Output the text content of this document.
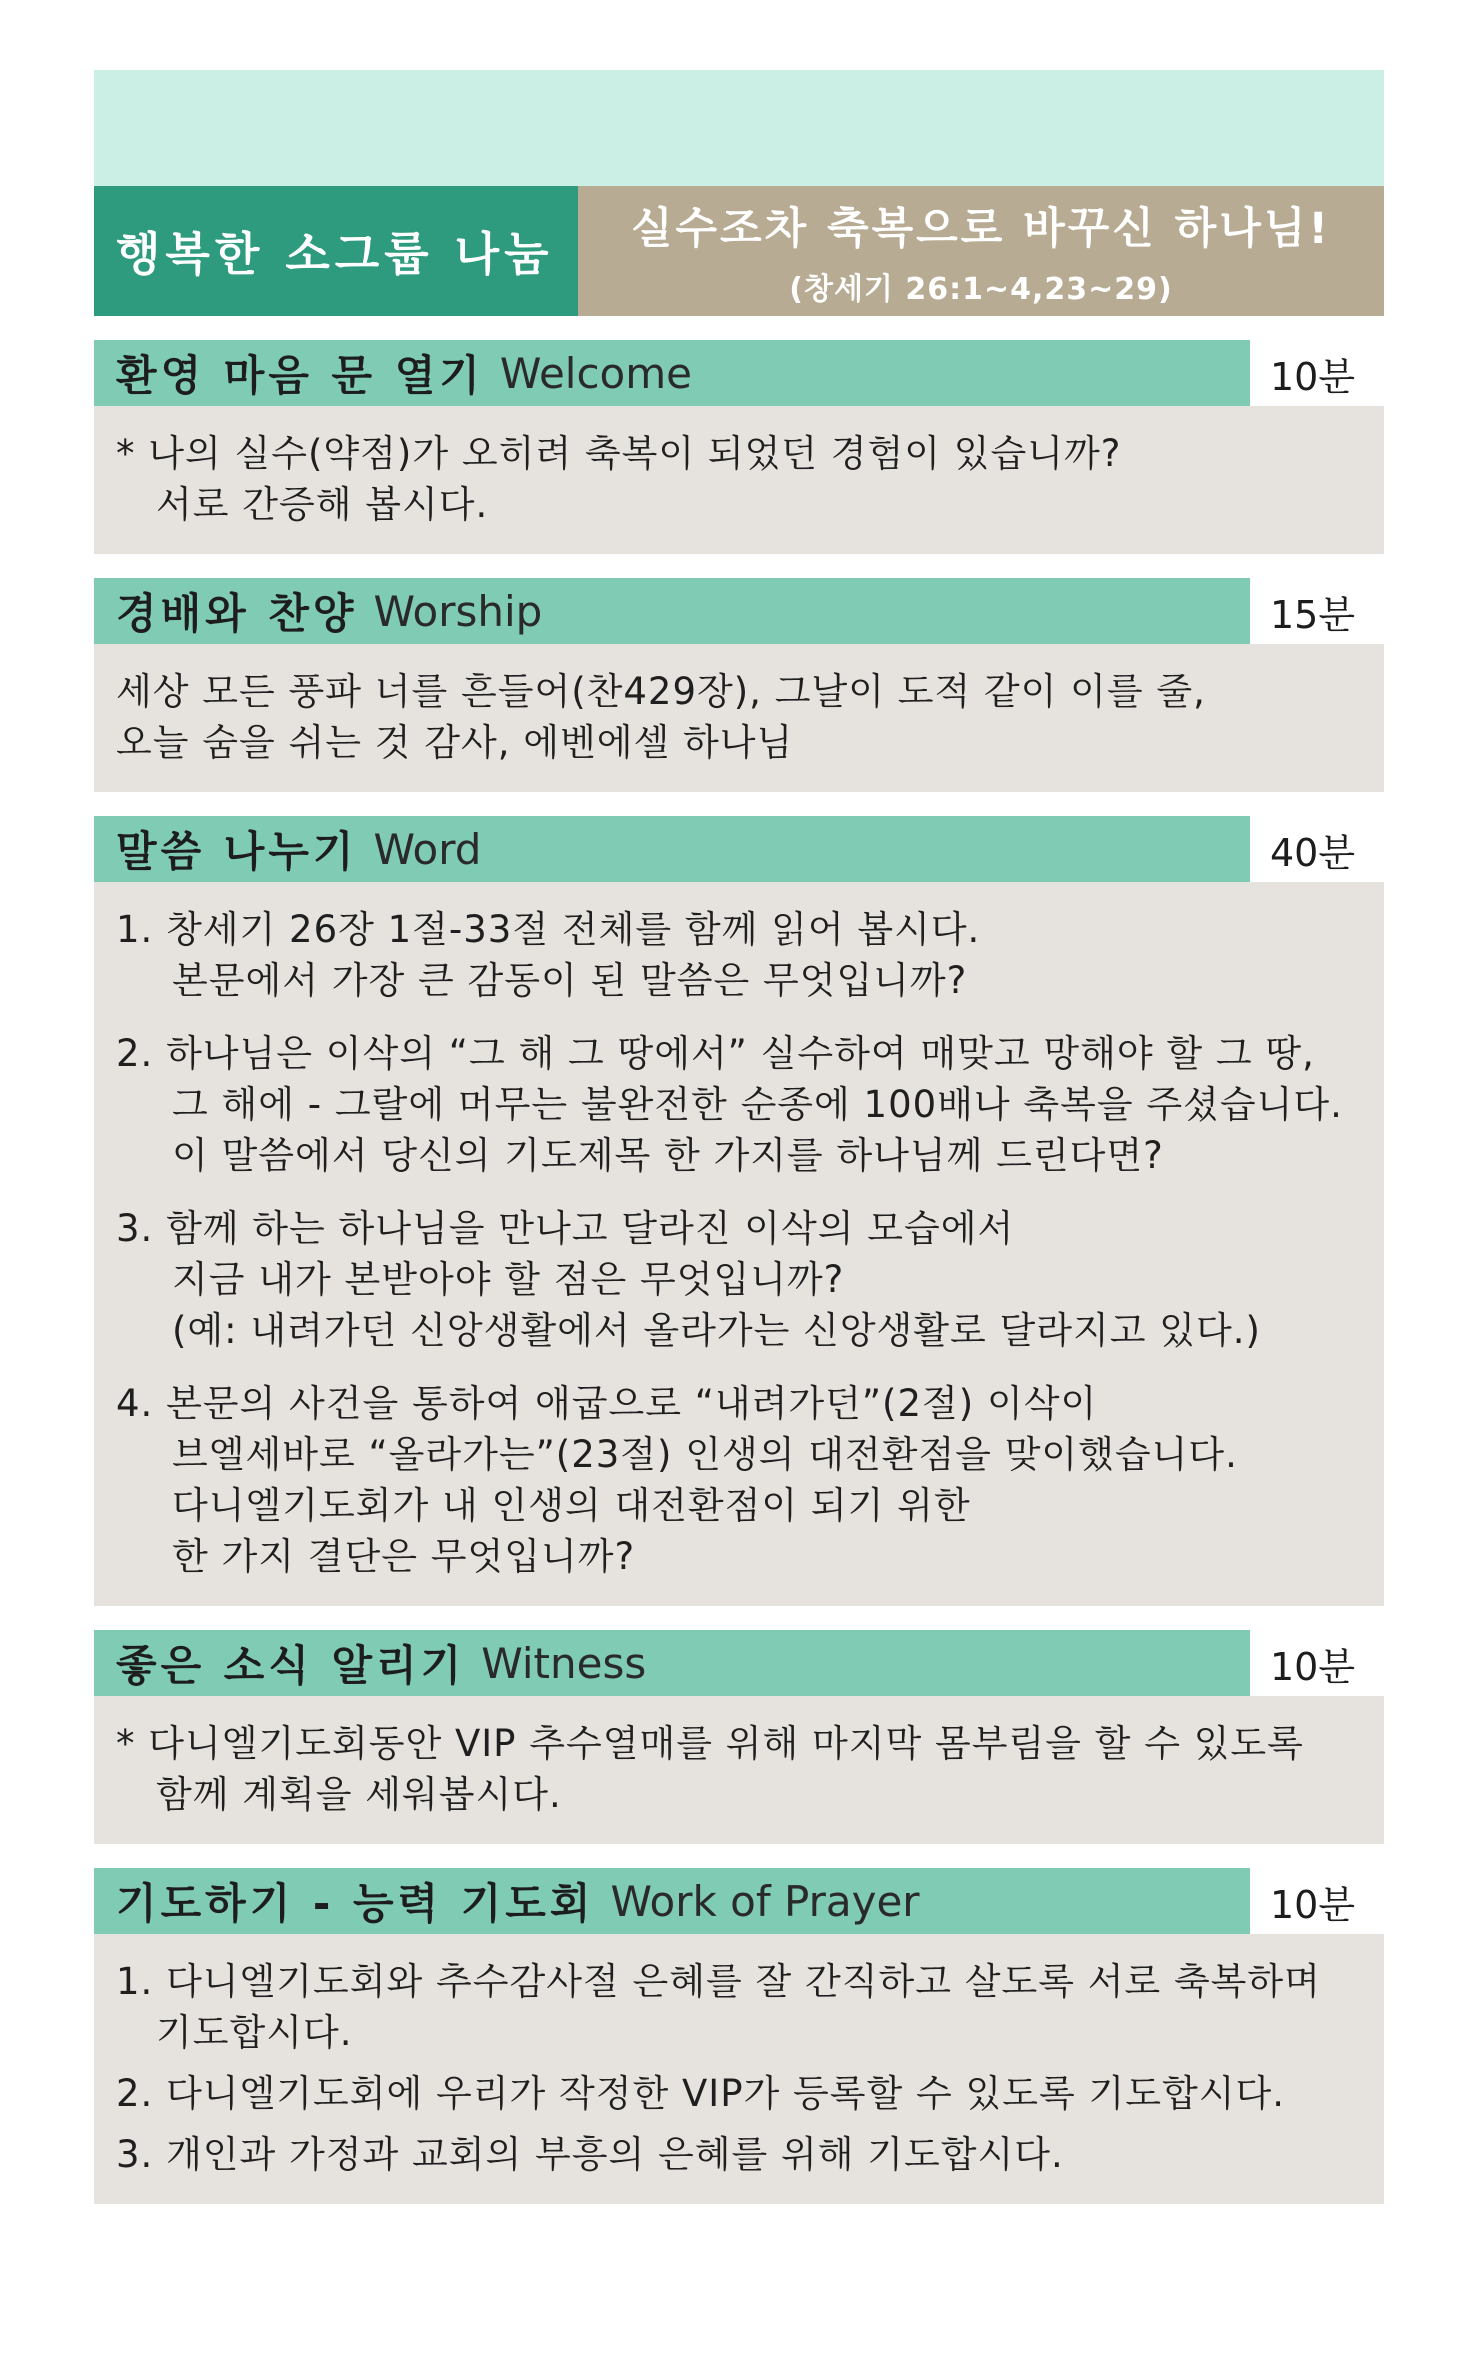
행복한 소그룹 나눔	실수조차 축복으로 바꾸신 하나님!
(창세기 26:1~4,23~29)
환영 마음 문 열기 Welcome	10분
* 나의 실수(약점)가 오히려 축복이 되었던 경험이 있습니까?
서로 간증해 봅시다.
경배와 찬양 Worship	15분
세상 모든 풍파 너를 흔들어(찬429장), 그날이 도적 같이 이를 줄,
오늘 숨을 쉬는 것 감사, 에벤에셀 하나님
말씀 나누기 Word	40분
1. 창세기 26장 1절-33절 전체를 함께 읽어 봅시다.
본문에서 가장 큰 감동이 된 말씀은 무엇입니까?
2. 하나님은 이삭의 “그 해 그 땅에서” 실수하여 매맞고 망해야 할 그 땅,
그 해에 - 그랄에 머무는 불완전한 순종에 100배나 축복을 주셨습니다.
이 말씀에서 당신의 기도제목 한 가지를 하나님께 드린다면?
3. 함께 하는 하나님을 만나고 달라진 이삭의 모습에서
지금 내가 본받아야 할 점은 무엇입니까?
(예: 내려가던 신앙생활에서 올라가는 신앙생활로 달라지고 있다.)
4. 본문의 사건을 통하여 애굽으로 “내려가던”(2절) 이삭이
브엘세바로 “올라가는”(23절) 인생의 대전환점을 맞이했습니다.
다니엘기도회가 내 인생의 대전환점이 되기 위한
한 가지 결단은 무엇입니까?
좋은 소식 알리기 Witness	10분
* 다니엘기도회동안 VIP 추수열매를 위해 마지막 몸부림을 할 수 있도록
함께 계획을 세워봅시다.
기도하기 - 능력 기도회 Work of Prayer	10분
1. 다니엘기도회와 추수감사절 은혜를 잘 간직하고 살도록 서로 축복하며
기도합시다.
2. 다니엘기도회에 우리가 작정한 VIP가 등록할 수 있도록 기도합시다.
3. 개인과 가정과 교회의 부흥의 은혜를 위해 기도합시다.
